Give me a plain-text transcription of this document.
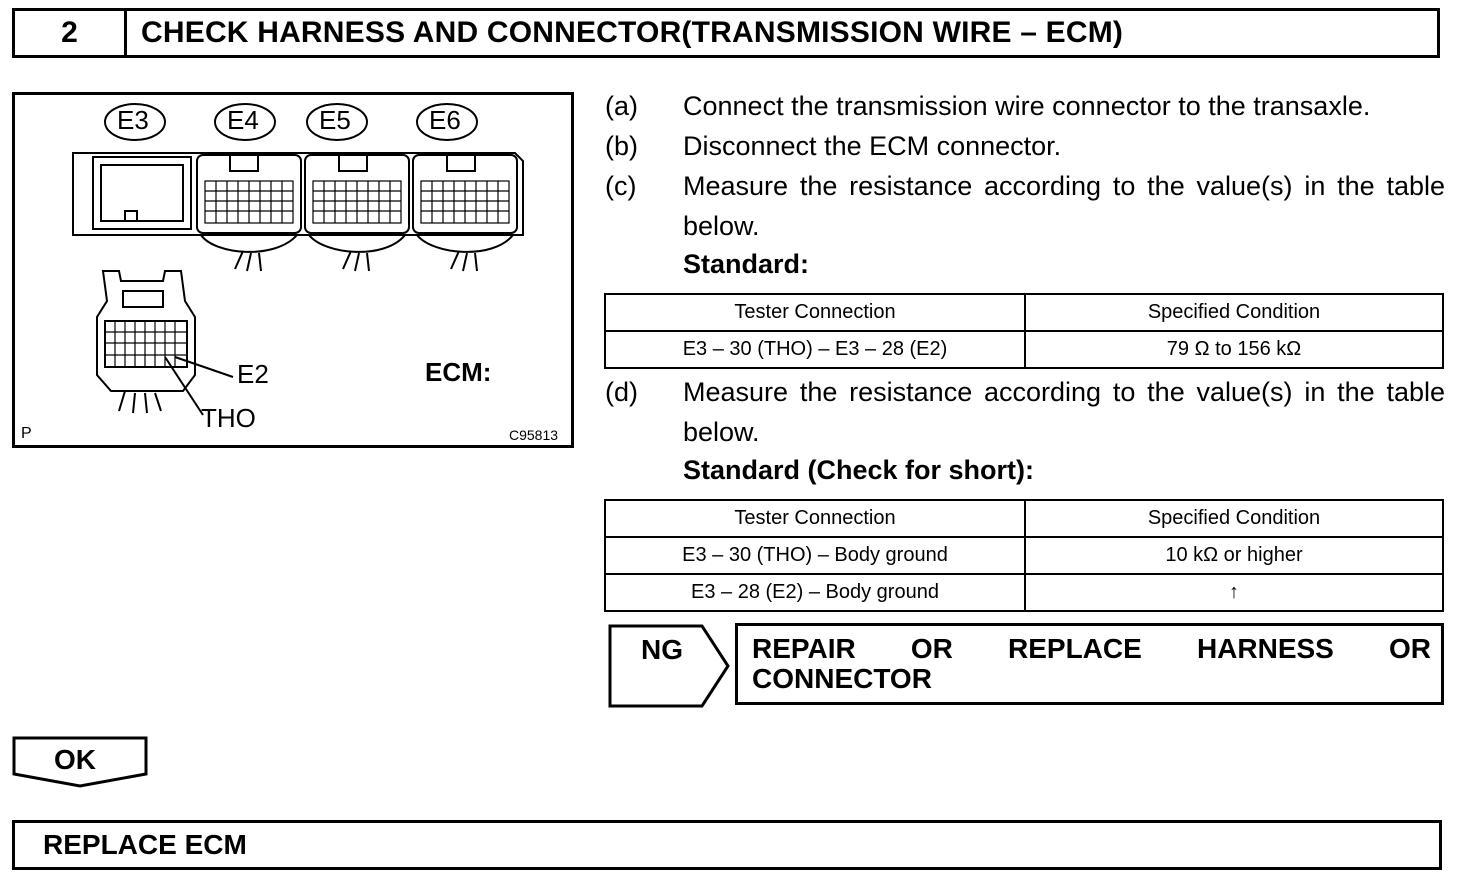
2	CHECK HARNESS AND CONNECTOR(TRANSMISSION WIRE – ECM)
E3	E4 E5	E6
E2
THO
ECM:
P	C95813
(a) Connect the transmission wire connector to the transaxle.
(b) Disconnect the ECM connector.
(c) Measure the resistance according to the value(s) in the table below.
Standard:
Tester Connection	Specified Condition
E3 – 30 (THO) – E3 – 28 (E2)	79 Ω to 156 kΩ
(d) Measure the resistance according to the value(s) in the table below.
Standard (Check for short):
Tester Connection	Specified Condition
E3 – 30 (THO) – Body ground	10 kΩ or higher
E3 – 28 (E2) – Body ground	↑
NG REPAIR OR REPLACE HARNESS OR
CONNECTOR
OK
REPLACE ECM
